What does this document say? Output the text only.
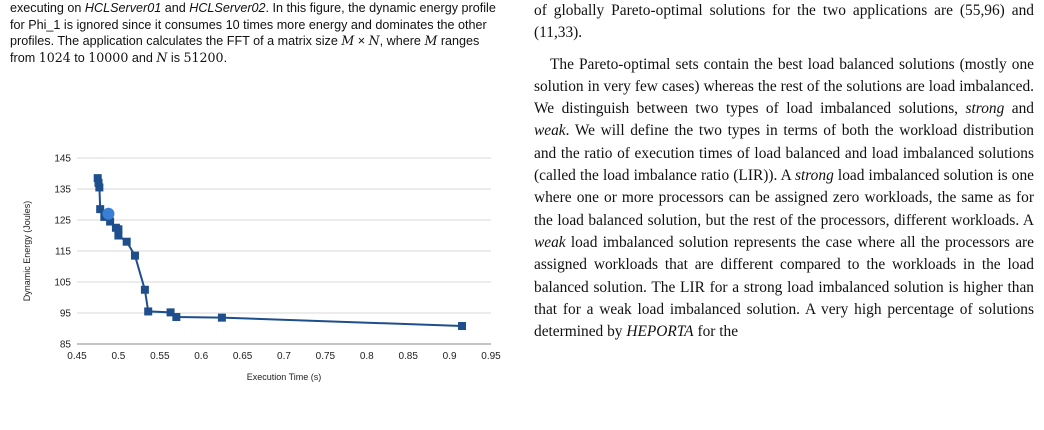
executing on HCLServer01 and HCLServer02. In this figure, the dynamic energy profile for Phi_1 is ignored since it consumes 10 times more energy and dominates the other profiles. The application calculates the FFT of a matrix size M × N, where M ranges from 1024 to 10000 and N is 51200.

85
95
105
115
125
135
145
0.45 0.5 0.55 0.6 0.65 0.7 0.75 0.8 0.85 0.9 0.95
Execution Time (s)
Dynamic Energy (Joules)

of globally Pareto-optimal solutions for the two applications are (55,96) and (11,33).

The Pareto-optimal sets contain the best load balanced solutions (mostly one solution in very few cases) whereas the rest of the solutions are load imbalanced. We distinguish between two types of load imbalanced solutions, strong and weak. We will define the two types in terms of both the workload distribution and the ratio of execution times of load balanced and load imbalanced solutions (called the load imbalance ratio (LIR)). A strong load imbalanced solution is one where one or more processors can be assigned zero workloads, the same as for the load balanced solution, but the rest of the processors, different workloads. A weak load imbalanced solution represents the case where all the processors are assigned workloads that are different compared to the workloads in the load balanced solution. The LIR for a strong load imbalanced solution is higher than that for a weak load imbalanced solution. A very high percentage of solutions determined by HEPORTA for the
